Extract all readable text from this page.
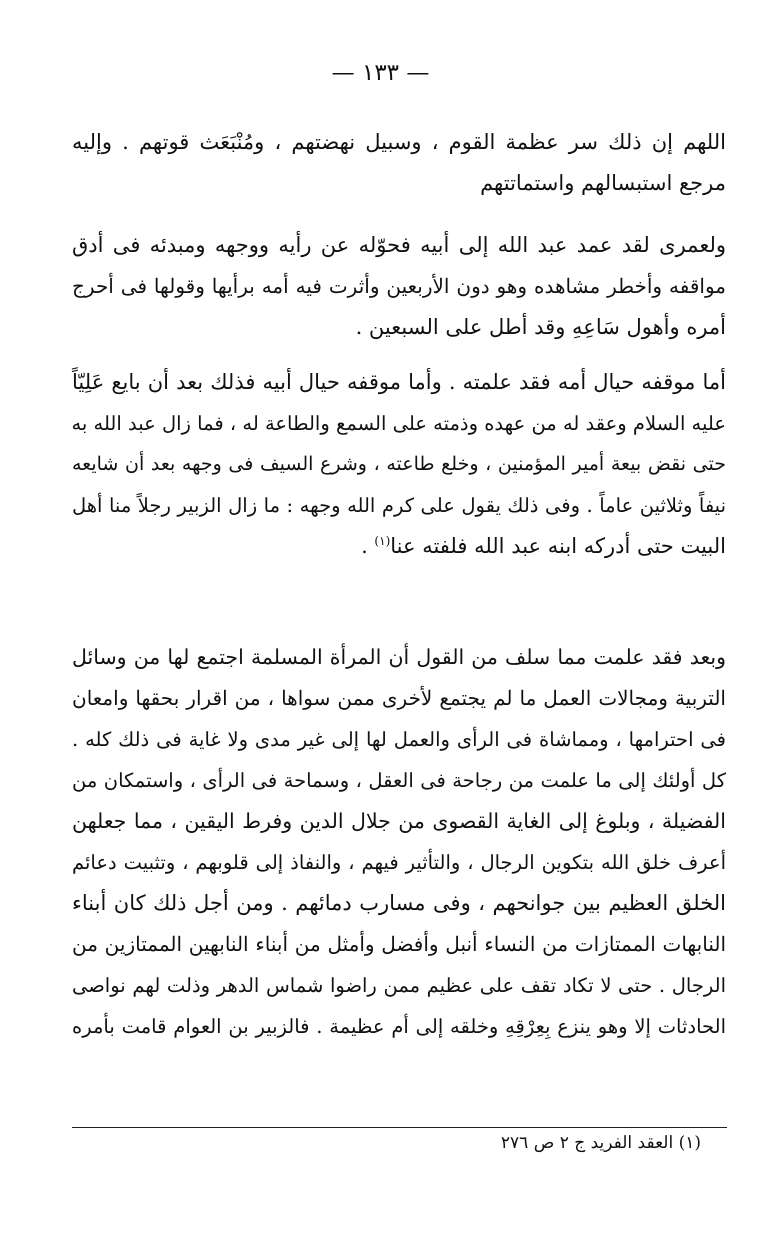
— ١٣٣ —
اللهم إن ذلك سر عظمة القوم ، وسبيل نهضتهم ، ومُنْبَعَث قوتهم . وإليه
مرجع استبسالهم واستماتتهم
ولعمرى لقد عمد عبد الله إلى أبيه فحوّله عن رأيه ووجهه ومبدئه فى أدق
مواقفه وأخطر مشاهده وهو دون الأربعين وأثرت فيه أمه برأيها وقولها فى أحرج
أمره وأهول سَاعِهِ وقد أطل على السبعين .
أما موقفه حيال أمه فقد علمته . وأما موقفه حيال أبيه فذلك بعد أن بايع عَلِيّاً
عليه السلام وعقد له من عهده وذمته على السمع والطاعة له ، فما زال عبد الله به
حتى نقض بيعة أمير المؤمنين ، وخلع طاعته ، وشرع السيف فى وجهه بعد أن شايعه
نيفاً وثلاثين عاماً . وفى ذلك يقول على كرم الله وجهه : ما زال الزبير رجلاً منا أهل
البيت حتى أدركه ابنه عبد الله فلفته عنا$^{(١)}$ .
وبعد فقد علمت مما سلف من القول أن المرأة المسلمة اجتمع لها من وسائل
التربية ومجالات العمل ما لم يجتمع لأخرى ممن سواها ، من اقرار بحقها وامعان
فى احترامها ، ومماشاة فى الرأى والعمل لها إلى غير مدى ولا غاية فى ذلك كله .
كل أولئك إلى ما علمت من رجاحة فى العقل ، وسماحة فى الرأى ، واستمكان من
الفضيلة ، وبلوغ إلى الغاية القصوى من جلال الدين وفرط اليقين ، مما جعلهن
أعرف خلق الله بتكوين الرجال ، والتأثير فيهم ، والنفاذ إلى قلوبهم ، وتثبيت دعائم
الخلق العظيم بين جوانحهم ، وفى مسارب دمائهم . ومن أجل ذلك كان أبناء
النابهات الممتازات من النساء أنبل وأفضل وأمثل من أبناء النابهين الممتازين من
الرجال . حتى لا تكاد تقف على عظيم ممن راضوا شماس الدهر وذلت لهم نواصى
الحادثات إلا وهو ينزع بِعِرْقِهِ وخلقه إلى أم عظيمة . فالزبير بن العوام قامت بأمره
(١) العقد الفريد ج ٢ ص ٢٧٦
